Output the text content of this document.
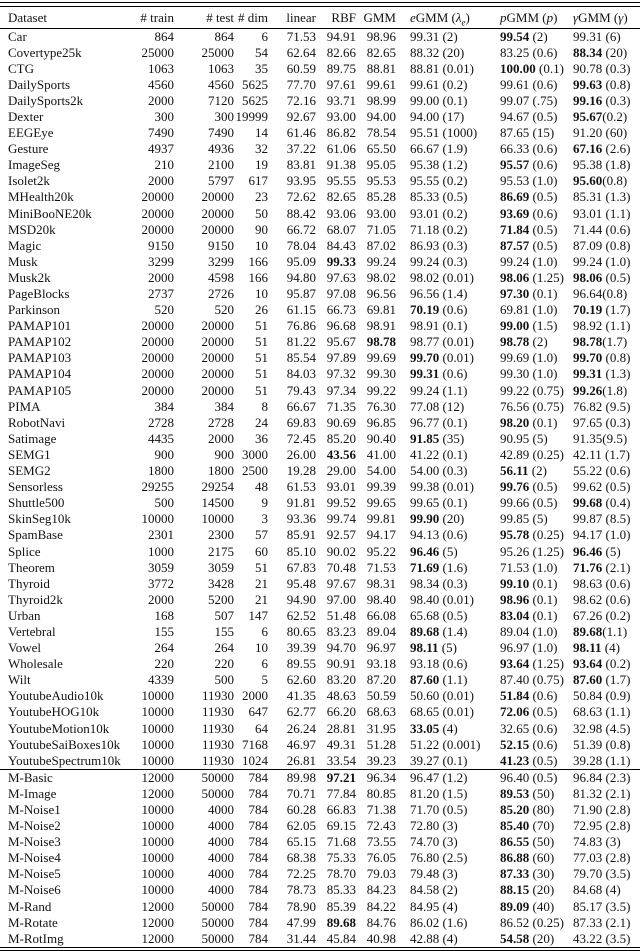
Dataset	# train	# test	# dim	linear	RBF	GMM	eGMM $(\lambda_e)$	pGMM (p)	γGMM (γ)
Car	864	864	6	71.53	94.91	98.96	99.31 (2)	99.54 (2)	99.31 (6)
Covertype25k	25000	25000	54	62.64	82.66	82.65	88.32 (20)	83.25 (0.6)	88.34 (20)
CTG	1063	1063	35	60.59	89.75	88.81	88.81 (0.01)	100.00 (0.1)	90.78 (0.3)
DailySports	4560	4560	5625	77.70	97.61	99.61	99.61 (0.2)	99.61 (0.6)	99.63 (0.8)
DailySports2k	2000	7120	5625	72.16	93.71	98.99	99.00 (0.1)	99.07 (.75)	99.16 (0.3)
Dexter	300	300	19999	92.67	93.00	94.00	94.00 (17)	94.67 (0.5)	95.67(0.2)
EEGEye	7490	7490	14	61.46	86.82	78.54	95.51 (1000)	87.65 (15)	91.20 (60)
Gesture	4937	4936	32	37.22	61.06	65.50	66.67 (1.9)	66.33 (0.6)	67.16 (2.6)
ImageSeg	210	2100	19	83.81	91.38	95.05	95.38 (1.2)	95.57 (0.6)	95.38 (1.8)
Isolet2k	2000	5797	617	93.95	95.55	95.53	95.55 (0.2)	95.53 (1.0)	95.60(0.8)
MHealth20k	20000	20000	23	72.62	82.65	85.28	85.33 (0.5)	86.69 (0.5)	85.31 (1.3)
MiniBooNE20k	20000	20000	50	88.42	93.06	93.00	93.01 (0.2)	93.69 (0.6)	93.01 (1.1)
MSD20k	20000	20000	90	66.72	68.07	71.05	71.18 (0.2)	71.84 (0.5)	71.44 (0.6)
Magic	9150	9150	10	78.04	84.43	87.02	86.93 (0.3)	87.57 (0.5)	87.09 (0.8)
Musk	3299	3299	166	95.09	99.33	99.24	99.24 (0.3)	99.24 (1.0)	99.24 (1.0)
Musk2k	2000	4598	166	94.80	97.63	98.02	98.02 (0.01)	98.06 (1.25)	98.06 (0.5)
PageBlocks	2737	2726	10	95.87	97.08	96.56	96.56 (1.4)	97.30 (0.1)	96.64(0.8)
Parkinson	520	520	26	61.15	66.73	69.81	70.19 (0.6)	69.81 (1.0)	70.19 (1.7)
PAMAP101	20000	20000	51	76.86	96.68	98.91	98.91 (0.1)	99.00 (1.5)	98.92 (1.1)
PAMAP102	20000	20000	51	81.22	95.67	98.78	98.77 (0.01)	98.78 (2)	98.78(1.7)
PAMAP103	20000	20000	51	85.54	97.89	99.69	99.70 (0.01)	99.69 (1.0)	99.70 (0.8)
PAMAP104	20000	20000	51	84.03	97.32	99.30	99.31 (0.6)	99.30 (1.0)	99.31 (1.3)
PAMAP105	20000	20000	51	79.43	97.34	99.22	99.24 (1.1)	99.22 (0.75)	99.26(1.8)
PIMA	384	384	8	66.67	71.35	76.30	77.08 (12)	76.56 (0.75)	76.82 (9.5)
RobotNavi	2728	2728	24	69.83	90.69	96.85	96.77 (0.1)	98.20 (0.1)	97.65 (0.3)
Satimage	4435	2000	36	72.45	85.20	90.40	91.85 (35)	90.95 (5)	91.35(9.5)
SEMG1	900	900	3000	26.00	43.56	41.00	41.22 (0.1)	42.89 (0.25)	42.11 (1.7)
SEMG2	1800	1800	2500	19.28	29.00	54.00	54.00 (0.3)	56.11 (2)	55.22 (0.6)
Sensorless	29255	29254	48	61.53	93.01	99.39	99.38 (0.01)	99.76 (0.5)	99.62 (0.5)
Shuttle500	500	14500	9	91.81	99.52	99.65	99.65 (0.1)	99.66 (0.5)	99.68 (0.4)
SkinSeg10k	10000	10000	3	93.36	99.74	99.81	99.90 (20)	99.85 (5)	99.87 (8.5)
SpamBase	2301	2300	57	85.91	92.57	94.17	94.13 (0.6)	95.78 (0.25)	94.17 (1.0)
Splice	1000	2175	60	85.10	90.02	95.22	96.46 (5)	95.26 (1.25)	96.46 (5)
Theorem	3059	3059	51	67.83	70.48	71.53	71.69 (1.6)	71.53 (1.0)	71.76 (2.1)
Thyroid	3772	3428	21	95.48	97.67	98.31	98.34 (0.3)	99.10 (0.1)	98.63 (0.6)
Thyroid2k	2000	5200	21	94.90	97.00	98.40	98.40 (0.01)	98.96 (0.1)	98.62 (0.6)
Urban	168	507	147	62.52	51.48	66.08	65.68 (0.5)	83.04 (0.1)	67.26 (0.2)
Vertebral	155	155	6	80.65	83.23	89.04	89.68 (1.4)	89.04 (1.0)	89.68(1.1)
Vowel	264	264	10	39.39	94.70	96.97	98.11 (5)	96.97 (1.0)	98.11 (4)
Wholesale	220	220	6	89.55	90.91	93.18	93.18 (0.6)	93.64 (1.25)	93.64 (0.2)
Wilt	4339	500	5	62.60	83.20	87.20	87.60 (1.1)	87.40 (0.75)	87.60 (1.7)
YoutubeAudio10k	10000	11930	2000	41.35	48.63	50.59	50.60 (0.01)	51.84 (0.6)	50.84 (0.9)
YoutubeHOG10k	10000	11930	647	62.77	66.20	68.63	68.65 (0.01)	72.06 (0.5)	68.63 (1.1)
YoutubeMotion10k	10000	11930	64	26.24	28.81	31.95	33.05 (4)	32.65 (0.6)	32.98 (4.5)
YoutubeSaiBoxes10k	10000	11930	7168	46.97	49.31	51.28	51.22 (0.001)	52.15 (0.6)	51.39 (0.8)
YoutubeSpectrum10k	10000	11930	1024	26.81	33.54	39.23	39.27 (0.1)	41.23 (0.5)	39.28 (1.1)
M-Basic	12000	50000	784	89.98	97.21	96.34	96.47 (1.2)	96.40 (0.5)	96.84 (2.3)
M-Image	12000	50000	784	70.71	77.84	80.85	81.20 (1.5)	89.53 (50)	81.32 (2.1)
M-Noise1	10000	4000	784	60.28	66.83	71.38	71.70 (0.5)	85.20 (80)	71.90 (2.8)
M-Noise2	10000	4000	784	62.05	69.15	72.43	72.80 (3)	85.40 (70)	72.95 (2.8)
M-Noise3	10000	4000	784	65.15	71.68	73.55	74.70 (3)	86.55 (50)	74.83 (3)
M-Noise4	10000	4000	784	68.38	75.33	76.05	76.80 (2.5)	86.88 (60)	77.03 (2.8)
M-Noise5	10000	4000	784	72.25	78.70	79.03	79.48 (3)	87.33 (30)	79.70 (3.5)
M-Noise6	10000	4000	784	78.73	85.33	84.23	84.58 (2)	88.15 (20)	84.68 (4)
M-Rand	12000	50000	784	78.90	85.39	84.22	84.95 (4)	89.09 (40)	85.17 (3.5)
M-Rotate	12000	50000	784	47.99	89.68	84.76	86.02 (1.6)	86.52 (0.25)	87.33 (2.1)
M-RotImg	12000	50000	784	31.44	45.84	40.98	42.88 (4)	54.58 (20)	43.22 (3.5)
